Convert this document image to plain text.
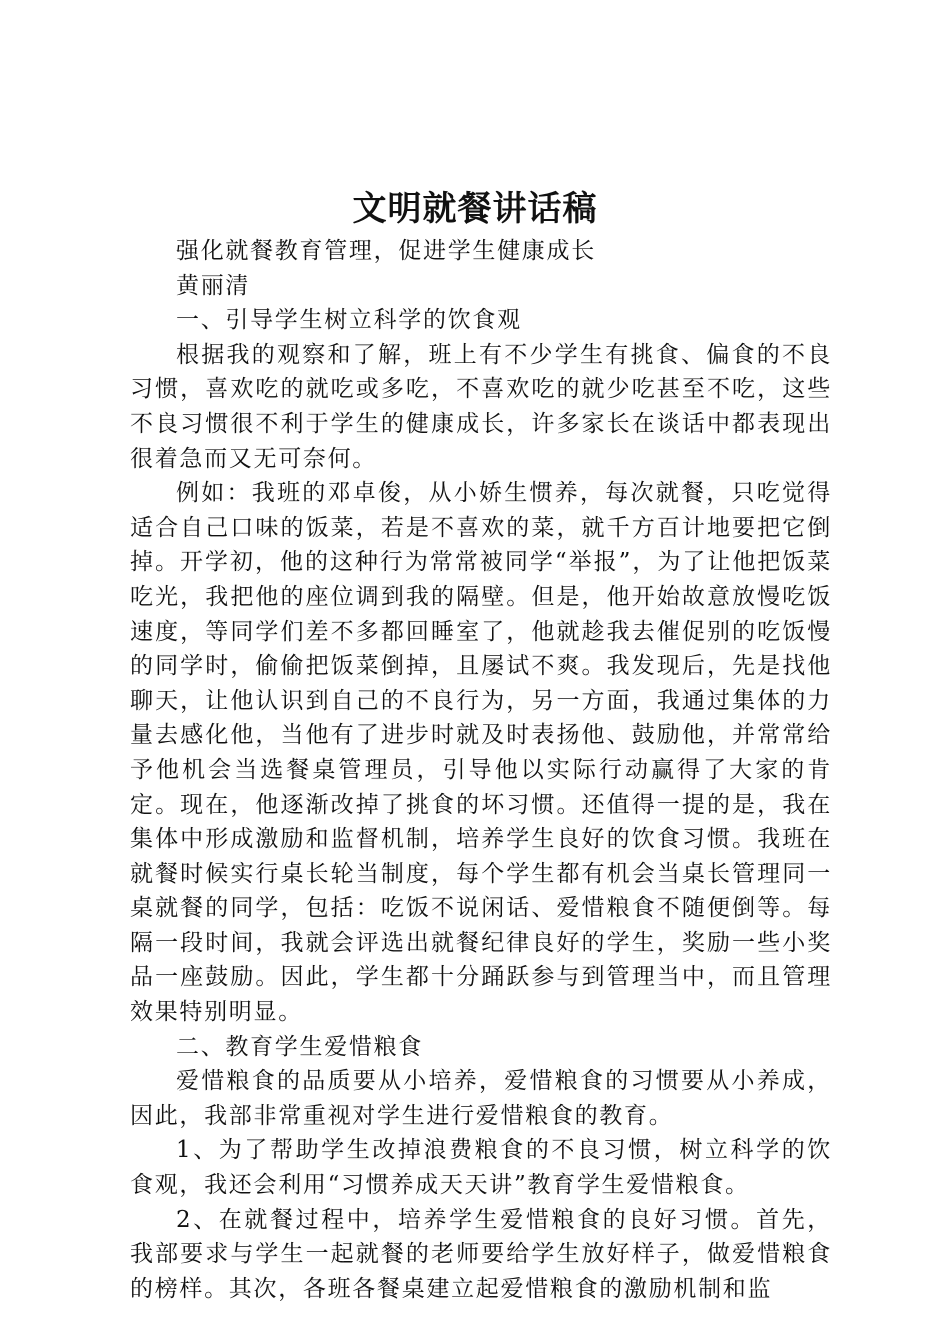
文明就餐讲话稿

强化就餐教育管理，促进学生健康成长

黄丽清

一、引导学生树立科学的饮食观

根据我的观察和了解，班上有不少学生有挑食、偏食的不良习惯，喜欢吃的就吃或多吃，不喜欢吃的就少吃甚至不吃，这些不良习惯很不利于学生的健康成长，许多家长在谈话中都表现出很着急而又无可奈何。

例如：我班的邓卓俊，从小娇生惯养，每次就餐，只吃觉得适合自己口味的饭菜，若是不喜欢的菜，就千方百计地要把它倒掉。开学初，他的这种行为常常被同学“举报”，为了让他把饭菜吃光，我把他的座位调到我的隔壁。但是，他开始故意放慢吃饭速度，等同学们差不多都回睡室了，他就趁我去催促别的吃饭慢的同学时，偷偷把饭菜倒掉，且屡试不爽。我发现后，先是找他聊天，让他认识到自己的不良行为，另一方面，我通过集体的力量去感化他，当他有了进步时就及时表扬他、鼓励他，并常常给予他机会当选餐桌管理员，引导他以实际行动赢得了大家的肯定。现在，他逐渐改掉了挑食的坏习惯。还值得一提的是，我在集体中形成激励和监督机制，培养学生良好的饮食习惯。我班在就餐时候实行桌长轮当制度，每个学生都有机会当桌长管理同一桌就餐的同学，包括：吃饭不说闲话、爱惜粮食不随便倒等。每隔一段时间，我就会评选出就餐纪律良好的学生，奖励一些小奖品一座鼓励。因此，学生都十分踊跃参与到管理当中，而且管理效果特别明显。

二、教育学生爱惜粮食

爱惜粮食的品质要从小培养，爱惜粮食的习惯要从小养成，因此，我部非常重视对学生进行爱惜粮食的教育。

1、为了帮助学生改掉浪费粮食的不良习惯，树立科学的饮食观，我还会利用“习惯养成天天讲”教育学生爱惜粮食。

2、在就餐过程中，培养学生爱惜粮食的良好习惯。首先，我部要求与学生一起就餐的老师要给学生放好样子，做爱惜粮食的榜样。其次，各班各餐桌建立起爱惜粮食的激励机制和监
